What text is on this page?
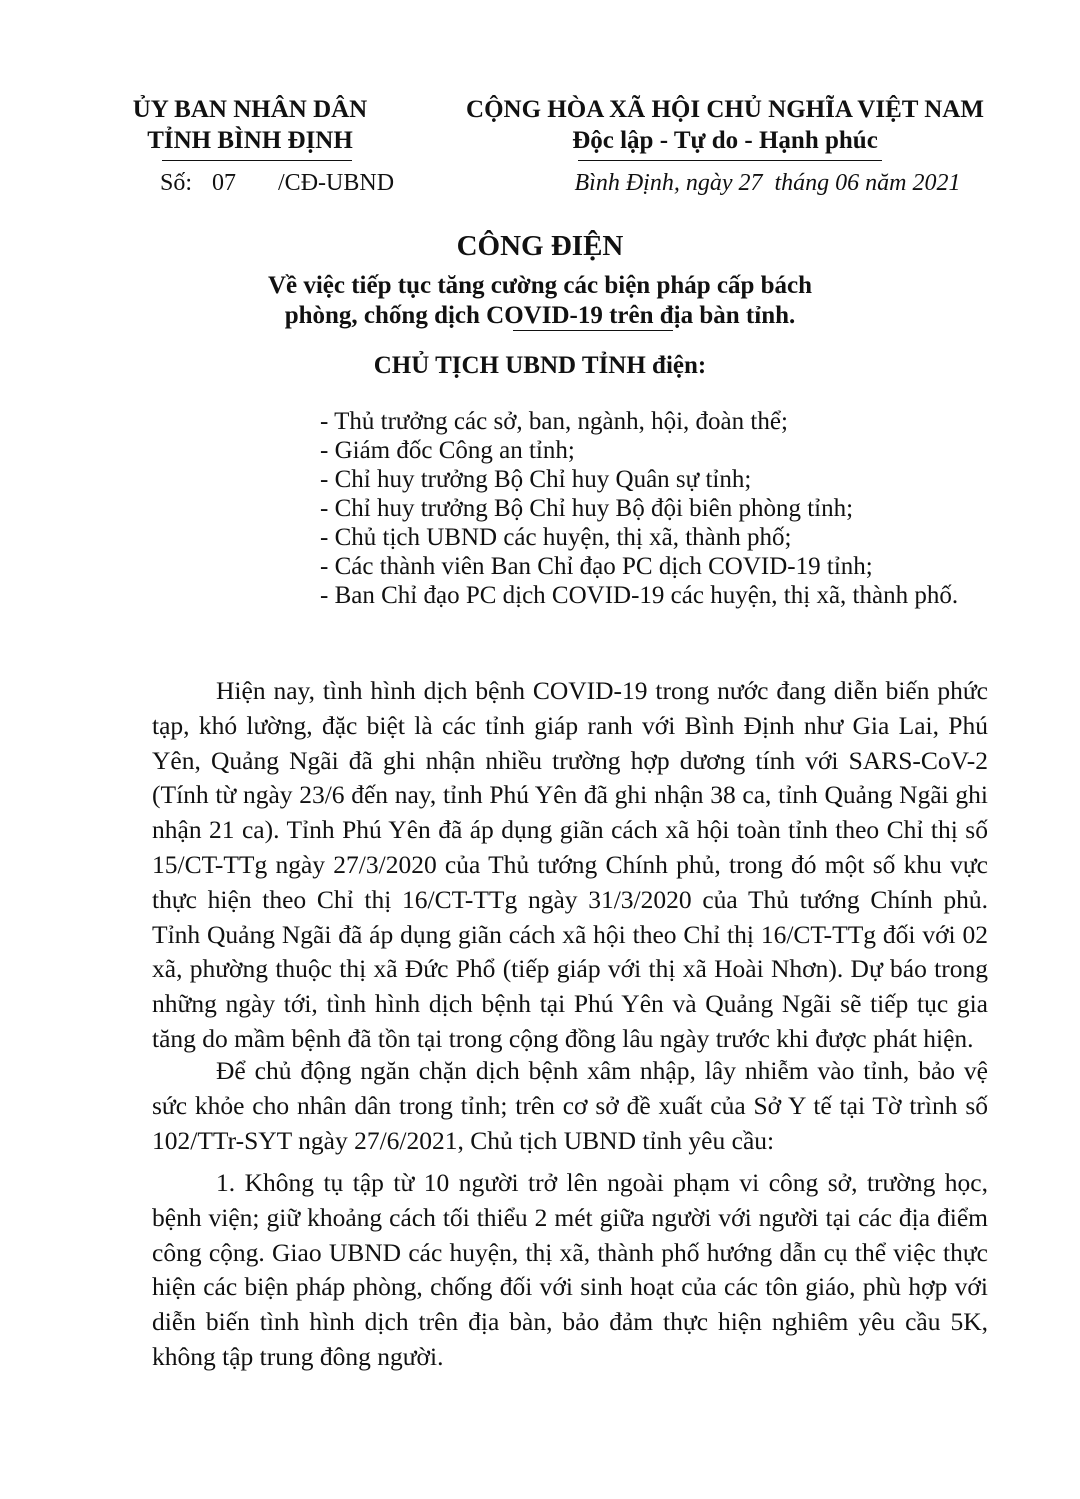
ỦY BAN NHÂN DÂN
TỈNH BÌNH ĐỊNH
CỘNG HÒA XÃ HỘI CHỦ NGHĨA VIỆT NAM
Độc lập - Tự do - Hạnh phúc
Số: 07 /CĐ-UBND	Bình Định, ngày 27  tháng 06 năm 2021
CÔNG ĐIỆN
Về việc tiếp tục tăng cường các biện pháp cấp bách
phòng, chống dịch COVID-19 trên địa bàn tỉnh.
CHỦ TỊCH UBND TỈNH điện:
- Thủ trưởng các sở, ban, ngành, hội, đoàn thể;
- Giám đốc Công an tỉnh;
- Chỉ huy trưởng Bộ Chỉ huy Quân sự tỉnh;
- Chỉ huy trưởng Bộ Chỉ huy Bộ đội biên phòng tỉnh;
- Chủ tịch UBND các huyện, thị xã, thành phố;
- Các thành viên Ban Chỉ đạo PC dịch COVID-19 tỉnh;
- Ban Chỉ đạo PC dịch COVID-19 các huyện, thị xã, thành phố.

Hiện nay, tình hình dịch bệnh COVID-19 trong nước đang diễn biến phức tạp, khó lường, đặc biệt là các tỉnh giáp ranh với Bình Định như Gia Lai, Phú Yên, Quảng Ngãi đã ghi nhận nhiều trường hợp dương tính với SARS-CoV-2 (Tính từ ngày 23/6 đến nay, tỉnh Phú Yên đã ghi nhận 38 ca, tỉnh Quảng Ngãi ghi nhận 21 ca). Tỉnh Phú Yên đã áp dụng giãn cách xã hội toàn tỉnh theo Chỉ thị số 15/CT-TTg ngày 27/3/2020 của Thủ tướng Chính phủ, trong đó một số khu vực thực hiện theo Chỉ thị 16/CT-TTg ngày 31/3/2020 của Thủ tướng Chính phủ. Tỉnh Quảng Ngãi đã áp dụng giãn cách xã hội theo Chỉ thị 16/CT-TTg đối với 02 xã, phường thuộc thị xã Đức Phổ (tiếp giáp với thị xã Hoài Nhơn). Dự báo trong những ngày tới, tình hình dịch bệnh tại Phú Yên và Quảng Ngãi sẽ tiếp tục gia tăng do mầm bệnh đã tồn tại trong cộng đồng lâu ngày trước khi được phát hiện.

Để chủ động ngăn chặn dịch bệnh xâm nhập, lây nhiễm vào tỉnh, bảo vệ sức khỏe cho nhân dân trong tỉnh; trên cơ sở đề xuất của Sở Y tế tại Tờ trình số 102/TTr-SYT ngày 27/6/2021, Chủ tịch UBND tỉnh yêu cầu:

1. Không tụ tập từ 10 người trở lên ngoài phạm vi công sở, trường học, bệnh viện; giữ khoảng cách tối thiểu 2 mét giữa người với người tại các địa điểm công cộng. Giao UBND các huyện, thị xã, thành phố hướng dẫn cụ thể việc thực hiện các biện pháp phòng, chống đối với sinh hoạt của các tôn giáo, phù hợp với diễn biến tình hình dịch trên địa bàn, bảo đảm thực hiện nghiêm yêu cầu 5K, không tập trung đông người.
